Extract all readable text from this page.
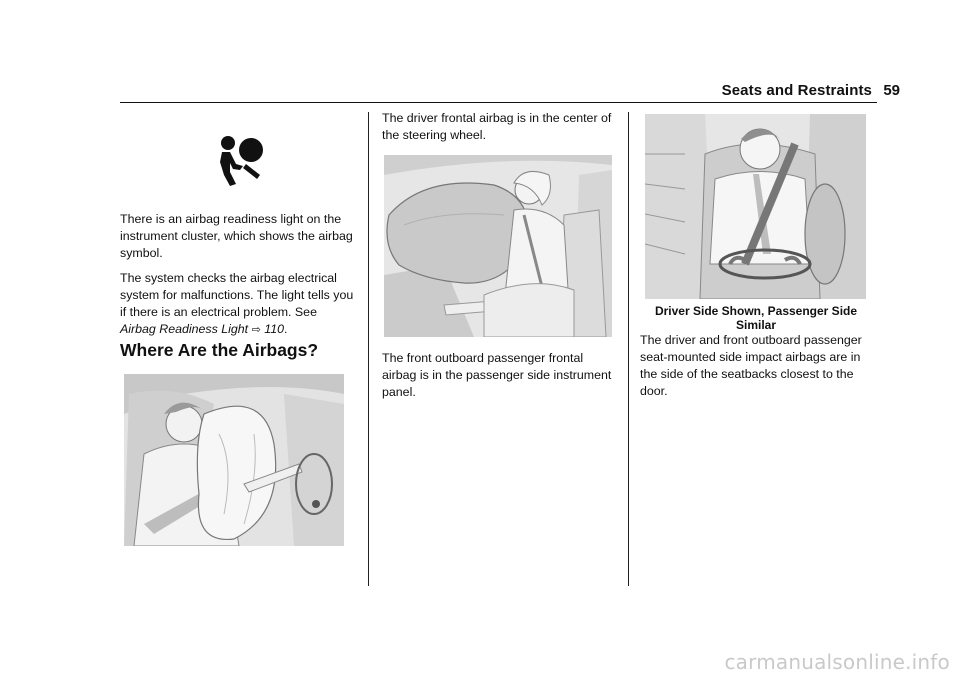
Seats and Restraints 59

There is an airbag readiness light on the instrument cluster, which shows the airbag symbol.

The system checks the airbag electrical system for malfunctions. The light tells you if there is an electrical problem. See Airbag Readiness Light ⇨ 110.

Where Are the Airbags?
The driver frontal airbag is in the center of the steering wheel.
The front outboard passenger frontal airbag is in the passenger side instrument panel.
Driver Side Shown, Passenger Side Similar
The driver and front outboard passenger seat-mounted side impact airbags are in the side of the seatbacks closest to the door.
carmanualsonline.info
